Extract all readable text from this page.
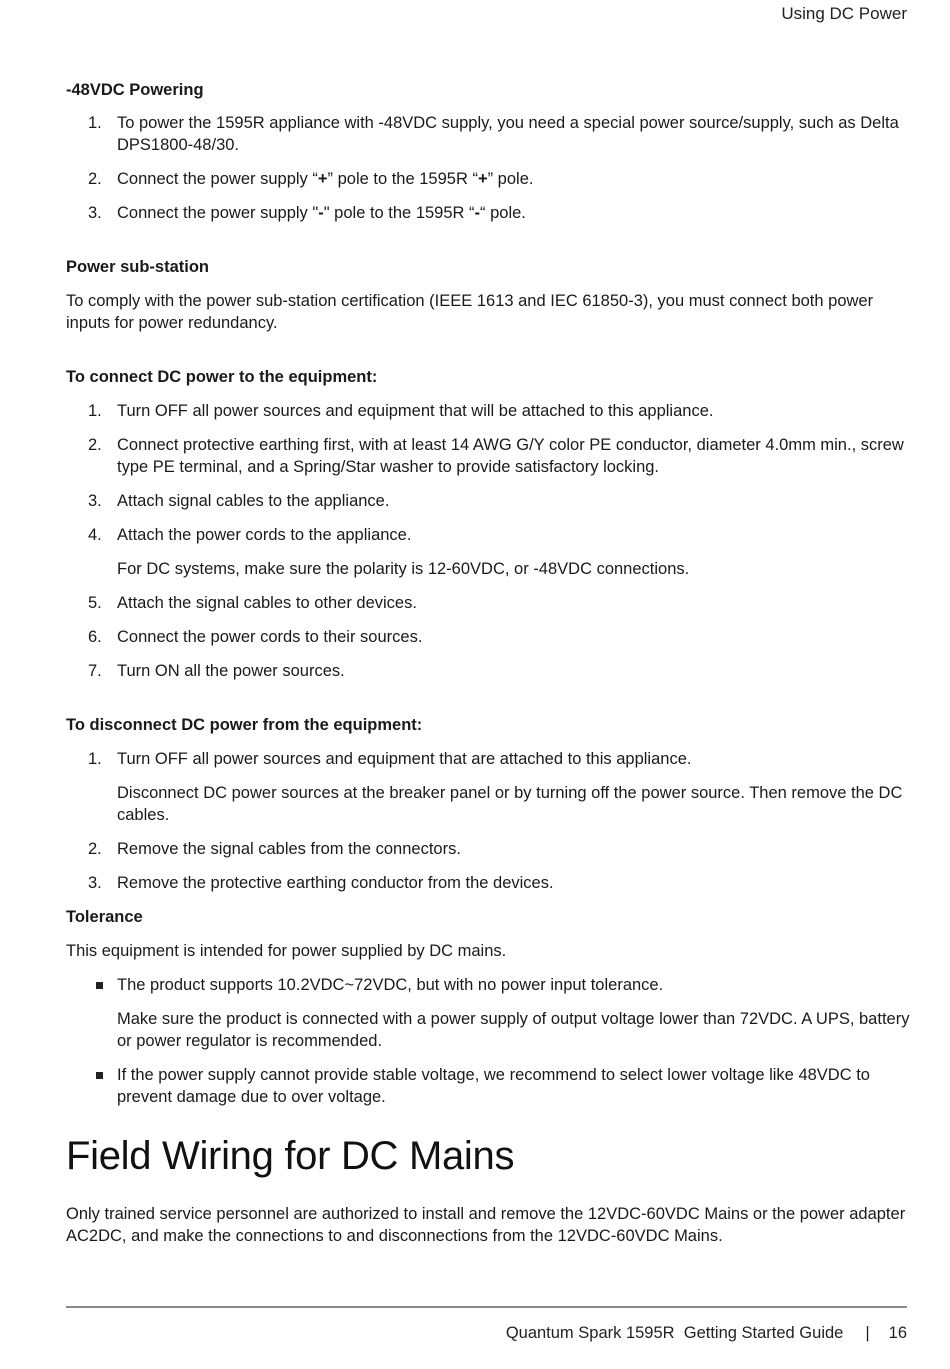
Using DC Power
-48VDC Powering
1. To power the 1595R appliance with -48VDC supply, you need a special power source/supply, such as Delta DPS1800-48/30.
2. Connect the power supply “+” pole to the 1595R “+” pole.
3. Connect the power supply "-" pole to the 1595R “-“ pole.
Power sub-station

To comply with the power sub-station certification (IEEE 1613 and IEC 61850-3), you must connect both power inputs for power redundancy.

To connect DC power to the equipment:
1. Turn OFF all power sources and equipment that will be attached to this appliance.
2. Connect protective earthing first, with at least 14 AWG G/Y color PE conductor, diameter 4.0mm min., screw type PE terminal, and a Spring/Star washer to provide satisfactory locking.
3. Attach signal cables to the appliance.
4. Attach the power cords to the appliance.
For DC systems, make sure the polarity is 12-60VDC, or -48VDC connections.
5. Attach the signal cables to other devices.
6. Connect the power cords to their sources.
7. Turn ON all the power sources.
To disconnect DC power from the equipment:
1. Turn OFF all power sources and equipment that are attached to this appliance.
Disconnect DC power sources at the breaker panel or by turning off the power source. Then remove the DC cables.
2. Remove the signal cables from the connectors.
3. Remove the protective earthing conductor from the devices.
Tolerance

This equipment is intended for power supplied by DC mains.

The product supports 10.2VDC~72VDC, but with no power input tolerance.
Make sure the product is connected with a power supply of output voltage lower than 72VDC. A UPS, battery or power regulator is recommended.
If the power supply cannot provide stable voltage, we recommend to select lower voltage like 48VDC to prevent damage due to over voltage.
Field Wiring for DC Mains

Only trained service personnel are authorized to install and remove the 12VDC-60VDC Mains or the power adapter AC2DC, and make the connections to and disconnections from the 12VDC-60VDC Mains.

Quantum Spark 1595R  Getting Started Guide | 16
